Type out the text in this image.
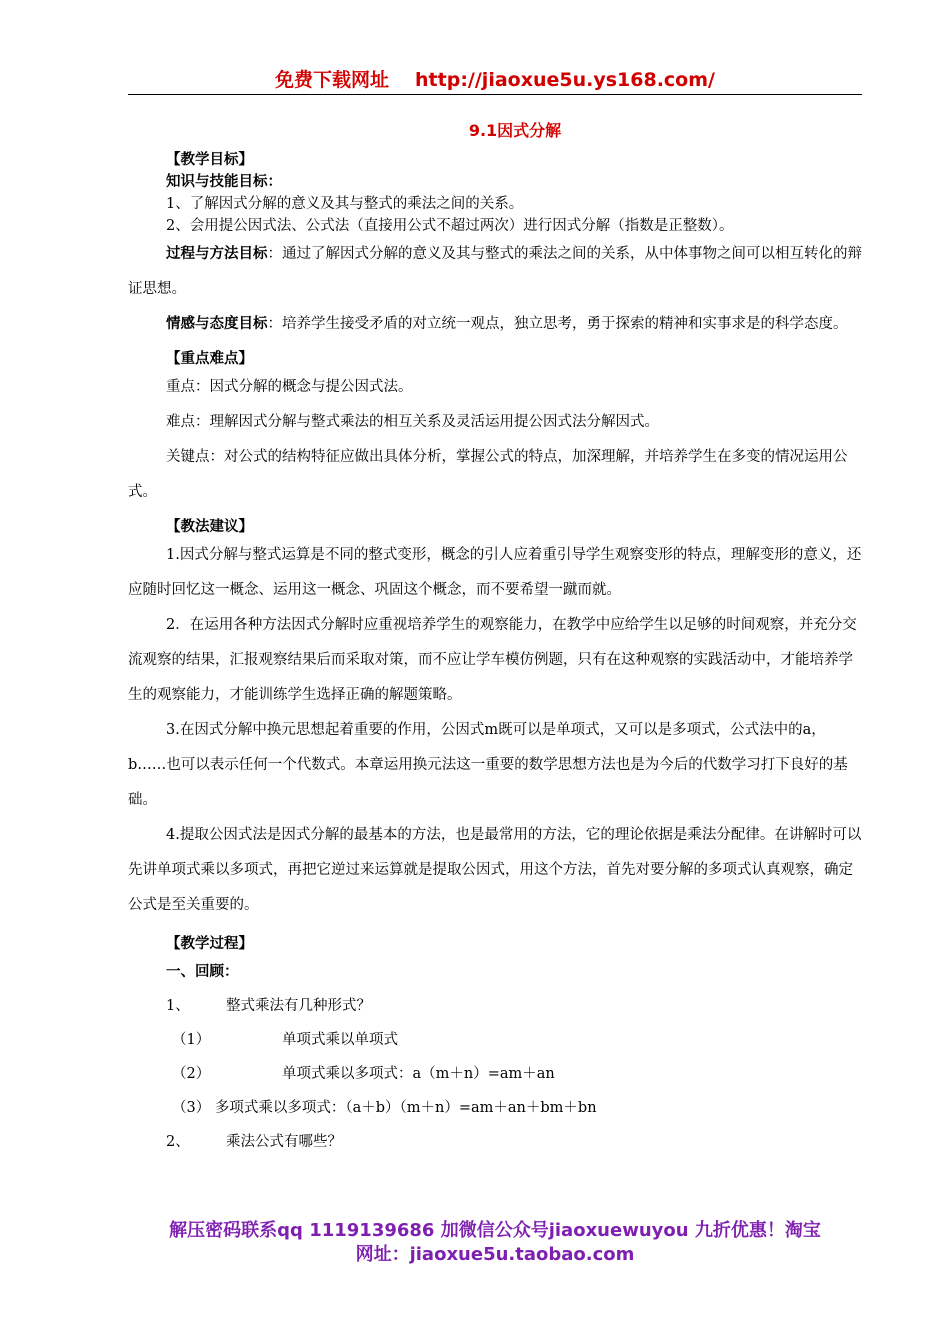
免费下载网址 http://jiaoxue5u.ys168.com/
9.1因式分解
【教学目标】
知识与技能目标：

1、了解因式分解的意义及其与整式的乘法之间的关系。

2、会用提公因式法、公式法（直接用公式不超过两次）进行因式分解（指数是正整数）。

过程与方法目标：通过了解因式分解的意义及其与整式的乘法之间的关系，从中体事物之间可以相互转化的辩证思想。

情感与态度目标：培养学生接受矛盾的对立统一观点，独立思考，勇于探索的精神和实事求是的科学态度。

【重点难点】

重点：因式分解的概念与提公因式法。

难点：理解因式分解与整式乘法的相互关系及灵活运用提公因式法分解因式。

关键点：对公式的结构特征应做出具体分析，掌握公式的特点，加深理解，并培养学生在多变的情况运用公式。

【教法建议】

1.因式分解与整式运算是不同的整式变形，概念的引人应着重引导学生观察变形的特点，理解变形的意义，还应随时回忆这一概念、运用这一概念、巩固这个概念，而不要希望一蹴而就。

2．在运用各种方法因式分解时应重视培养学生的观察能力，在教学中应给学生以足够的时间观察，并充分交流观察的结果，汇报观察结果后而采取对策，而不应让学车模仿例题，只有在这种观察的实践活动中，才能培养学生的观察能力，才能训练学生选择正确的解题策略。

3.在因式分解中换元思想起着重要的作用，公因式m既可以是单项式，又可以是多项式，公式法中的a，b……也可以表示任何一个代数式。本章运用换元法这一重要的数学思想方法也是为今后的代数学习打下良好的基础。

4.提取公因式法是因式分解的最基本的方法，也是最常用的方法，它的理论依据是乘法分配律。在讲解时可以先讲单项式乘以多项式，再把它逆过来运算就是提取公因式，用这个方法，首先对要分解的多项式认真观察，确定公式是至关重要的。

【教学过程】
一、回顾：
1、	整式乘法有几种形式？
（1）	单项式乘以单项式
（2）	单项式乘以多项式：a（m＋n）=am＋an
（3） 多项式乘以多项式：（a＋b）（m＋n）=am＋an＋bm＋bn
2、	乘法公式有哪些？
解压密码联系qq 1119139686 加微信公众号jiaoxuewuyou 九折优惠！淘宝
网址：jiaoxue5u.taobao.com
